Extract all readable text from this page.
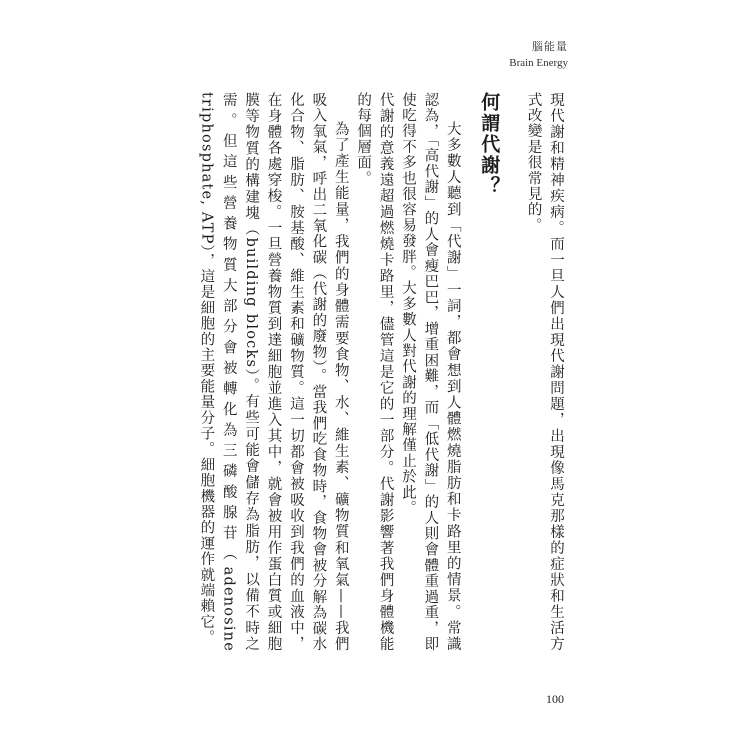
腦能量
Brain Energy

現代謝和精神疾病。而一旦人們出現代謝問題，出現像馬克那樣的症狀和生活方式改變是很常見的。

何謂代謝？

大多數人聽到「代謝」一詞，都會想到人體燃燒脂肪和卡路里的情景。常識認為，「高代謝」的人會瘦巴巴，增重困難，而「低代謝」的人則會體重過重，即使吃得不多也很容易發胖。大多數人對代謝的理解僅止於此。

代謝的意義遠超過燃燒卡路里，儘管這是它的一部分。代謝影響著我們身體機能的每個層面。

為了產生能量，我們的身體需要食物、水、維生素、礦物質和氧氣——我們吸入氧氣，呼出二氧化碳（代謝的廢物）。當我們吃食物時，食物會被分解為碳水化合物、脂肪、胺基酸、維生素和礦物質。這一切都會被吸收到我們的血液中，在身體各處穿梭。一旦營養物質到達細胞並進入其中，就會被用作蛋白質或細胞膜等物質的構建塊（building blocks）。有些可能會儲存為脂肪，以備不時之需。但這些營養物質大部分會被轉化為三磷酸腺苷（adenosine triphosphate, ATP），這是細胞的主要能量分子。細胞機器的運作就端賴它。

100
